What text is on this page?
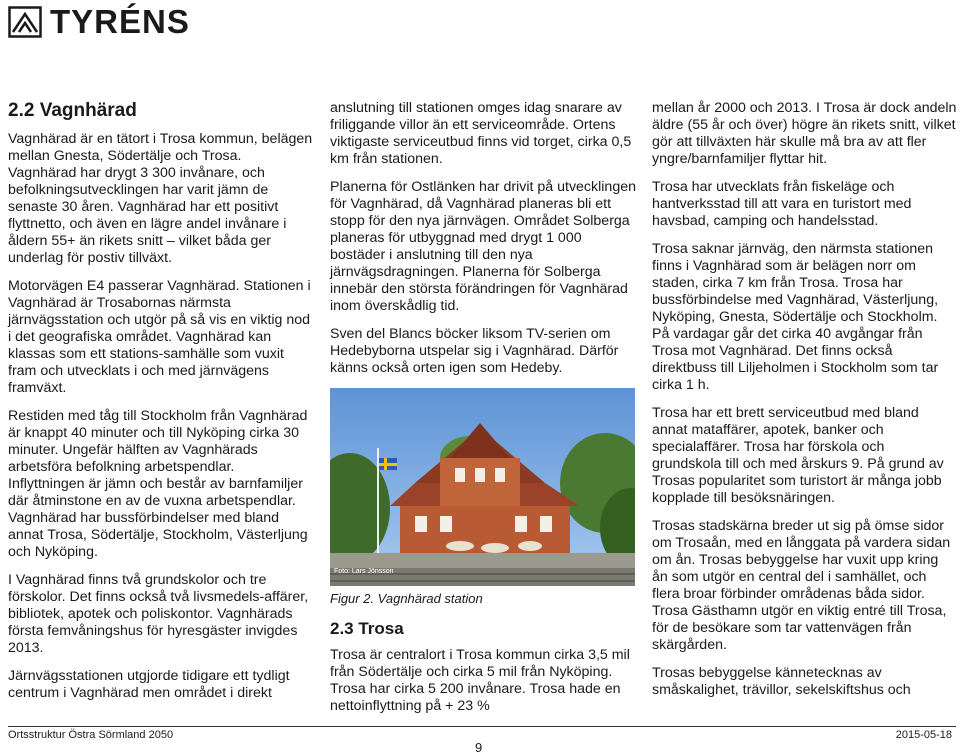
TYRÉNS
2.2 Vagnhärad

Vagnhärad är en tätort i Trosa kommun, belägen mellan Gnesta, Södertälje och Trosa. Vagnhärad har drygt 3 300 invånare, och befolkningsutvecklingen har varit jämn de senaste 30 åren. Vagnhärad har ett positivt flyttnetto, och även en lägre andel invånare i åldern 55+ än rikets snitt – vilket båda ger underlag för postiv tillväxt.

Motorvägen E4 passerar Vagnhärad. Stationen i Vagnhärad är Trosabornas närmsta järnvägsstation och utgör på så vis en viktig nod i det geografiska området. Vagnhärad kan klassas som ett stations-samhälle som vuxit fram och utvecklats i och med järnvägens framväxt.

Restiden med tåg till Stockholm från Vagnhärad är knappt 40 minuter och till Nyköping cirka 30 minuter. Ungefär hälften av Vagnhärads arbetsföra befolkning arbetspendlar. Inflyttningen är jämn och består av barnfamiljer där åtminstone en av de vuxna arbetspendlar. Vagnhärad har bussförbindelser med bland annat Trosa, Södertälje, Stockholm, Västerljung och Nyköping.

I Vagnhärad finns två grundskolor och tre förskolor. Det finns också två livsmedels-affärer, bibliotek, apotek och poliskontor. Vagnhärads första femvåningshus för hyresgäster invigdes 2013.

Järnvägsstationen utgjorde tidigare ett tydligt centrum i Vagnhärad men området i direkt

anslutning till stationen omges idag snarare av friliggande villor än ett serviceområde. Ortens viktigaste serviceutbud finns vid torget, cirka 0,5 km från stationen.

Planerna för Ostlänken har drivit på utvecklingen för Vagnhärad, då Vagnhärad planeras bli ett stopp för den nya järnvägen. Området Solberga planeras för utbyggnad med drygt 1 000 bostäder i anslutning till den nya järnvägsdragningen. Planerna för Solberga innebär den största förändringen för Vagnhärad inom överskådlig tid.

Sven del Blancs böcker liksom TV-serien om Hedebyborna utspelar sig i Vagnhärad. Därför känns också orten igen som Hedeby.

Figur 2. Vagnhärad station

2.3 Trosa

Trosa är centralort i Trosa kommun cirka 3,5 mil från Södertälje och cirka 5 mil från Nyköping. Trosa har cirka 5 200 invånare. Trosa hade en nettoinflyttning på + 23 %

mellan år 2000 och 2013. I Trosa är dock andeln äldre (55 år och över) högre än rikets snitt, vilket gör att tillväxten här skulle må bra av att fler yngre/barnfamiljer flyttar hit.

Trosa har utvecklats från fiskeläge och hantverksstad till att vara en turistort med havsbad, camping och handelsstad.

Trosa saknar järnväg, den närmsta stationen finns i Vagnhärad som är belägen norr om staden, cirka 7 km från Trosa. Trosa har bussförbindelse med Vagnhärad, Västerljung, Nyköping, Gnesta, Södertälje och Stockholm. På vardagar går det cirka 40 avgångar från Trosa mot Vagnhärad. Det finns också direktbuss till Liljeholmen i Stockholm som tar cirka 1 h.

Trosa har ett brett serviceutbud med bland annat mataffärer, apotek, banker och specialaffärer. Trosa har förskola och grundskola till och med årskurs 9. På grund av Trosas popularitet som turistort är många jobb kopplade till besöksnäringen.

Trosas stadskärna breder ut sig på ömse sidor om Trosaån, med en långgata på vardera sidan om ån. Trosas bebyggelse har vuxit upp kring ån som utgör en central del i samhället, och flera broar förbinder områdenas båda sidor. Trosa Gästhamn utgör en viktig entré till Trosa, för de besökare som tar vattenvägen från skärgården.

Trosas bebyggelse kännetecknas av småskalighet, trävillor, sekelskiftshus och

Ortsstruktur Östra Sörmland 2050	2015-05-18
9
